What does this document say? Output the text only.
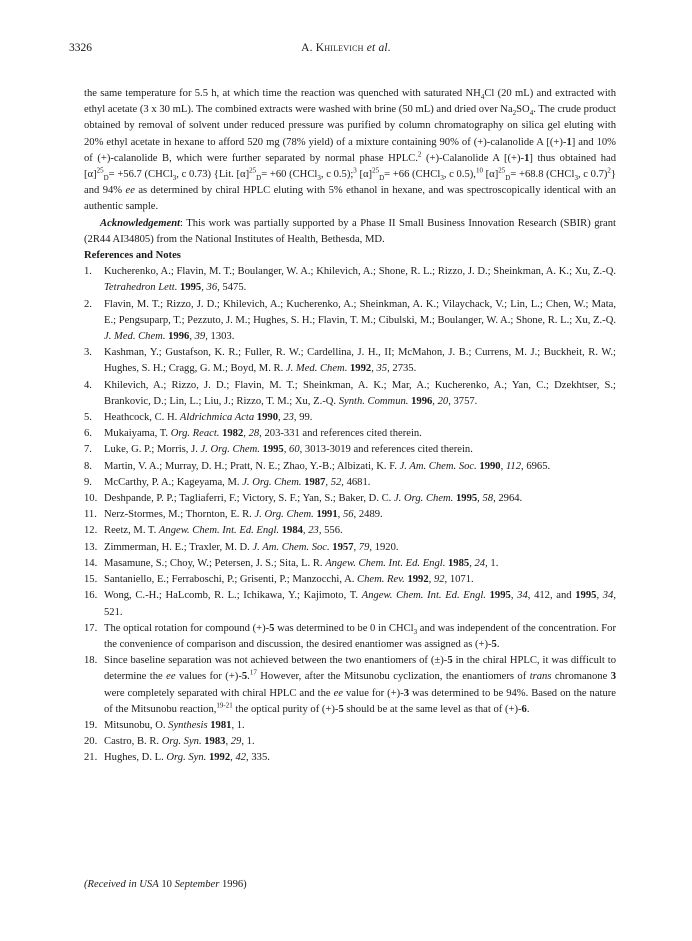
3326	A. Khilevich et al.

the same temperature for 5.5 h, at which time the reaction was quenched with saturated $NH_4Cl$ (20 mL) and extracted with ethyl acetate (3 x 30 mL). The combined extracts were washed with brine (50 mL) and dried over $Na_2SO_4$. The crude product obtained by removal of solvent under reduced pressure was purified by column chromatography on silica gel eluting with 20% ethyl acetate in hexane to afford 520 mg (78% yield) of a mixture containing 90% of (+)-calanolide A [(+)-1] and 10% of (+)-calanolide B, which were further separated by normal phase HPLC.$^2$ (+)-Calanolide A [(+)-1] thus obtained had $[\alpha]^{25}_D= +56.7$ (CHCl$_3$, c 0.73) {Lit. $[\alpha]^{25}_D= +60$ (CHCl$_3$, c 0.5);$^3$ $[\alpha]^{25}_D= +66$ (CHCl$_3$, c 0.5),$^{10}$ $[\alpha]^{25}_D= +68.8$ (CHCl$_3$, c 0.7)$^2$} and 94% ee as determined by chiral HPLC eluting with 5% ethanol in hexane, and was spectroscopically identical with an authentic sample.

Acknowledgement: This work was partially supported by a Phase II Small Business Innovation Research (SBIR) grant (2R44 AI34805) from the National Institutes of Health, Bethesda, MD.

References and Notes

1. Kucherenko, A.; Flavin, M. T.; Boulanger, W. A.; Khilevich, A.; Shone, R. L.; Rizzo, J. D.; Sheinkman, A. K.; Xu, Z.-Q. Tetrahedron Lett. 1995, 36, 5475.
2. Flavin, M. T.; Rizzo, J. D.; Khilevich, A.; Kucherenko, A.; Sheinkman, A. K.; Vilaychack, V.; Lin, L.; Chen, W.; Mata, E.; Pengsuparp, T.; Pezzuto, J. M.; Hughes, S. H.; Flavin, T. M.; Cibulski, M.; Boulanger, W. A.; Shone, R. L.; Xu, Z.-Q. J. Med. Chem. 1996, 39, 1303.
3. Kashman, Y.; Gustafson, K. R.; Fuller, R. W.; Cardellina, J. H., II; McMahon, J. B.; Currens, M. J.; Buckheit, R. W.; Hughes, S. H.; Cragg, G. M.; Boyd, M. R. J. Med. Chem. 1992, 35, 2735.
4. Khilevich, A.; Rizzo, J. D.; Flavin, M. T.; Sheinkman, A. K.; Mar, A.; Kucherenko, A.; Yan, C.; Dzekhtser, S.; Brankovic, D.; Lin, L.; Liu, J.; Rizzo, T. M.; Xu, Z.-Q. Synth. Commun. 1996, 20, 3757.
5. Heathcock, C. H. Aldrichmica Acta 1990, 23, 99.
6. Mukaiyama, T. Org. React. 1982, 28, 203-331 and references cited therein.
7. Luke, G. P.; Morris, J. J. Org. Chem. 1995, 60, 3013-3019 and references cited therein.
8. Martin, V. A.; Murray, D. H.; Pratt, N. E.; Zhao, Y.-B.; Albizati, K. F. J. Am. Chem. Soc. 1990, 112, 6965.
9. McCarthy, P. A.; Kageyama, M. J. Org. Chem. 1987, 52, 4681.
10. Deshpande, P. P.; Tagliaferri, F.; Victory, S. F.; Yan, S.; Baker, D. C. J. Org. Chem. 1995, 58, 2964.
11. Nerz-Stormes, M.; Thornton, E. R. J. Org. Chem. 1991, 56, 2489.
12. Reetz, M. T. Angew. Chem. Int. Ed. Engl. 1984, 23, 556.
13. Zimmerman, H. E.; Traxler, M. D. J. Am. Chem. Soc. 1957, 79, 1920.
14. Masamune, S.; Choy, W.; Petersen, J. S.; Sita, L. R. Angew. Chem. Int. Ed. Engl. 1985, 24, 1.
15. Santaniello, E.; Ferraboschi, P.; Grisenti, P.; Manzocchi, A. Chem. Rev. 1992, 92, 1071.
16. Wong, C.-H.; HaLcomb, R. L.; Ichikawa, Y.; Kajimoto, T. Angew. Chem. Int. Ed. Engl. 1995, 34, 412, and 1995, 34, 521.
17. The optical rotation for compound (+)-5 was determined to be 0 in CHCl$_3$ and was independent of the concentration. For the convenience of comparison and discussion, the desired enantiomer was assigned as (+)-5.
18. Since baseline separation was not achieved between the two enantiomers of (±)-5 in the chiral HPLC, it was difficult to determine the ee values for (+)-5.17 However, after the Mitsunobu cyclization, the enantiomers of trans chromanone 3 were completely separated with chiral HPLC and the ee value for (+)-3 was determined to be 94%. Based on the nature of the Mitsunobu reaction,$^{19-21}$ the optical purity of (+)-5 should be at the same level as that of (+)-6.
19. Mitsunobu, O. Synthesis 1981, 1.
20. Castro, B. R. Org. Syn. 1983, 29, 1.
21. Hughes, D. L. Org. Syn. 1992, 42, 335.
(Received in USA 10 September 1996)
